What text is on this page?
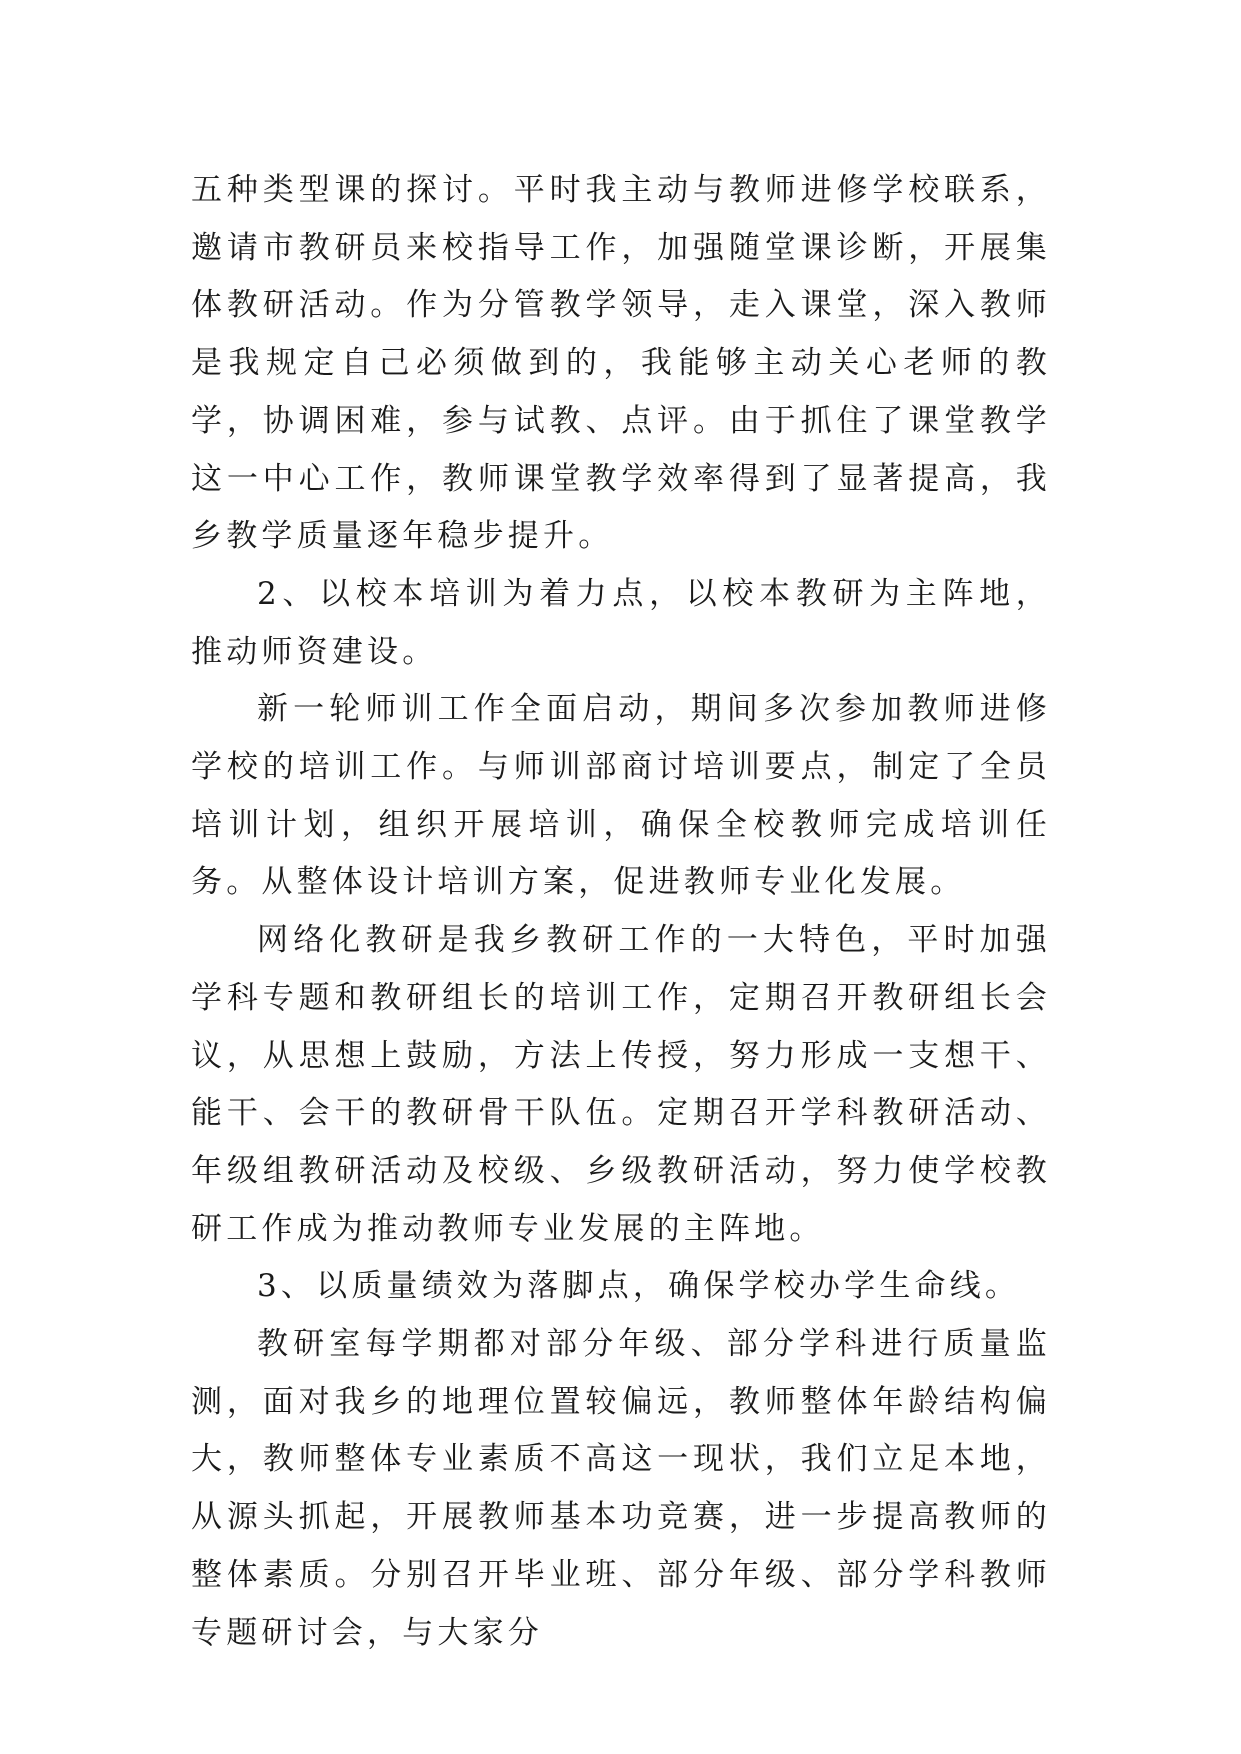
五种类型课的探讨。平时我主动与教师进修学校联系，邀请市教研员来校指导工作，加强随堂课诊断，开展集体教研活动。作为分管教学领导，走入课堂，深入教师是我规定自己必须做到的，我能够主动关心老师的教学，协调困难，参与试教、点评。由于抓住了课堂教学这一中心工作，教师课堂教学效率得到了显著提高，我乡教学质量逐年稳步提升。

2、以校本培训为着力点，以校本教研为主阵地，推动师资建设。

新一轮师训工作全面启动，期间多次参加教师进修学校的培训工作。与师训部商讨培训要点，制定了全员培训计划，组织开展培训，确保全校教师完成培训任务。从整体设计培训方案，促进教师专业化发展。

网络化教研是我乡教研工作的一大特色，平时加强学科专题和教研组长的培训工作，定期召开教研组长会议，从思想上鼓励，方法上传授，努力形成一支想干、能干、会干的教研骨干队伍。定期召开学科教研活动、年级组教研活动及校级、乡级教研活动，努力使学校教研工作成为推动教师专业发展的主阵地。

3、以质量绩效为落脚点，确保学校办学生命线。

教研室每学期都对部分年级、部分学科进行质量监测，面对我乡的地理位置较偏远，教师整体年龄结构偏大，教师整体专业素质不高这一现状，我们立足本地，从源头抓起，开展教师基本功竞赛，进一步提高教师的整体素质。分别召开毕业班、部分年级、部分学科教师专题研讨会，与大家分
